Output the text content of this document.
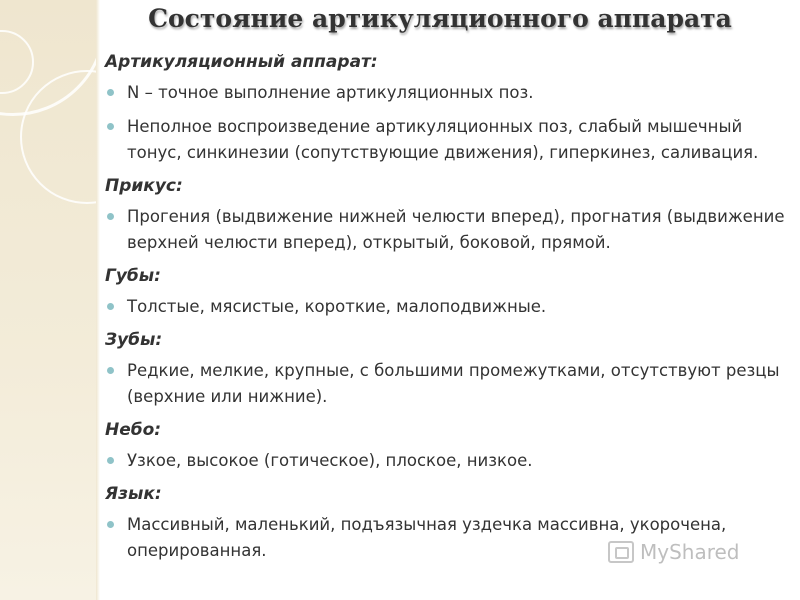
Состояние артикуляционного аппарата
Артикуляционный аппарат:
N – точное выполнение артикуляционных поз.
Неполное воспроизведение артикуляционных поз, слабый мышечный тонус, синкинезии (сопутствующие движения), гиперкинез, саливация.
Прикус:
Прогения (выдвижение нижней челюсти вперед), прогнатия (выдвижение верхней челюсти вперед), открытый, боковой, прямой.
Губы:
Толстые, мясистые, короткие, малоподвижные.
Зубы:
Редкие, мелкие, крупные, с большими промежутками, отсутствуют резцы (верхние или нижние).
Небо:
Узкое, высокое (готическое), плоское, низкое.
Язык:
Массивный, маленький, подъязычная уздечка массивна, укорочена, оперированная.	MyShared
